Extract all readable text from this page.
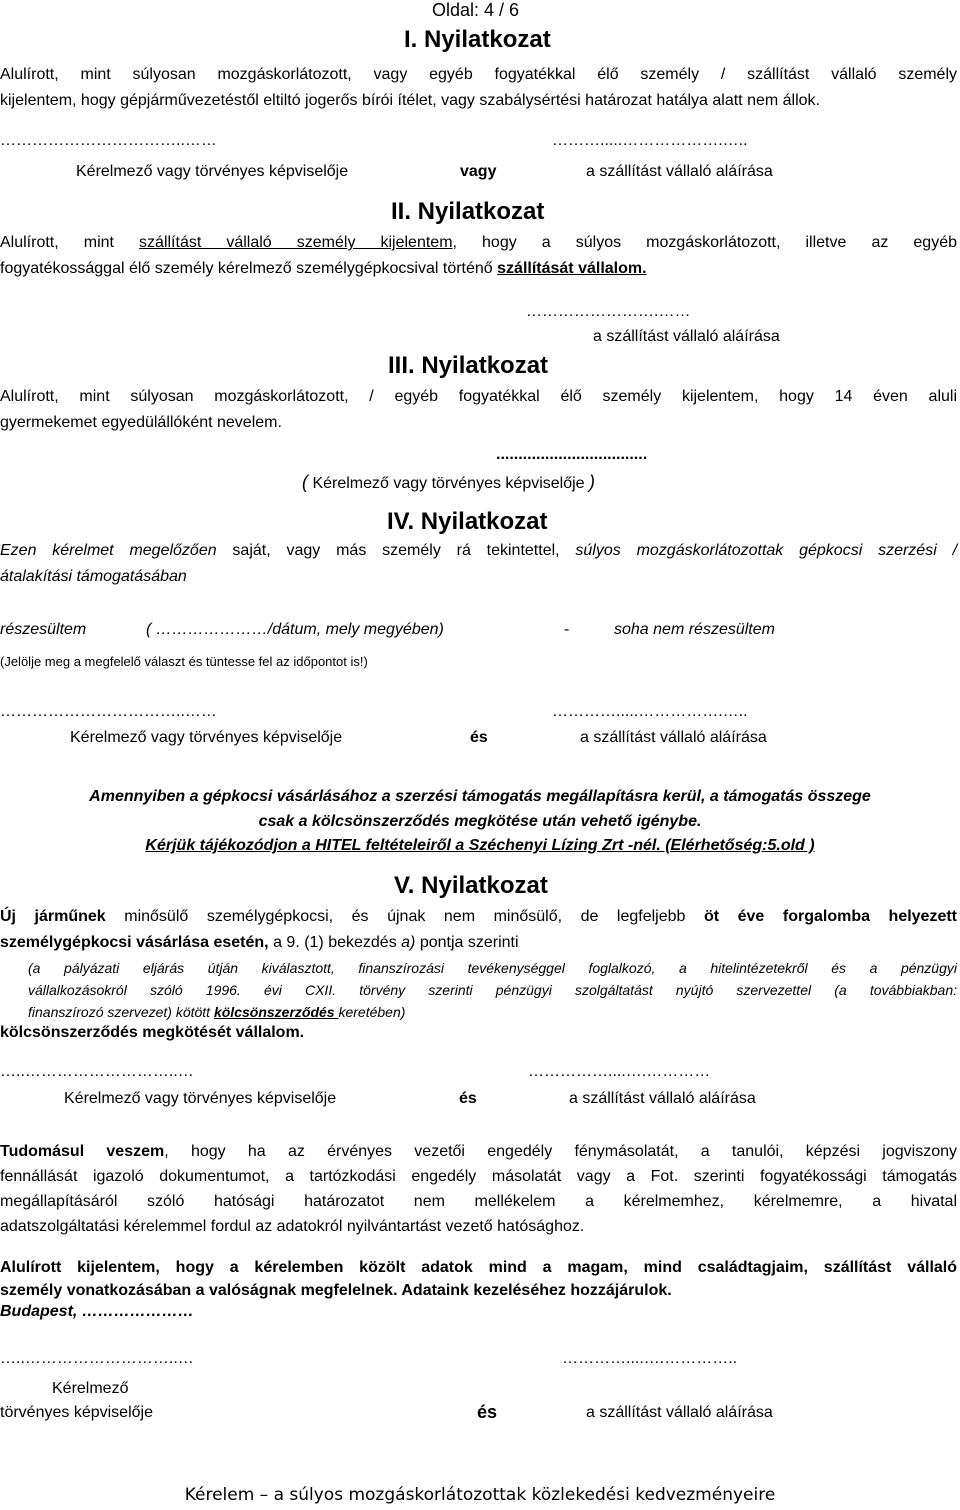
Oldal: 4 / 6
I. Nyilatkozat
Alulírott, mint súlyosan mozgáskorlátozott, vagy egyéb fogyatékkal élő személy / szállítást vállaló személy
kijelentem, hogy gépjárművezetéstől eltiltó jogerős bírói ítélet, vagy szabálysértési határozat hatálya alatt nem állok.
……………………………..……	……….....……………….…..
Kérelmező vagy törvényes képviselője	vagy	a szállítást vállaló aláírása
II. Nyilatkozat
Alulírott, mint szállítást vállaló személy kijelentem, hogy a súlyos mozgáskorlátozott, illetve az egyéb
fogyatékossággal élő személy kérelmező személygépkocsival történő szállítását vállalom.
…………………….……
a szállítást vállaló aláírása
III. Nyilatkozat
Alulírott, mint súlyosan mozgáskorlátozott, / egyéb fogyatékkal élő személy kijelentem, hogy 14 éven aluli
gyermekemet egyedülállóként nevelem.
..................................
( Kérelmező vagy törvényes képviselője )
IV. Nyilatkozat
Ezen kérelmet megelőzően saját, vagy más személy rá tekintettel, súlyos mozgáskorlátozottak gépkocsi szerzési /
átalakítási támogatásában
részesültem	( …………………/dátum, mely megyében)	-	soha nem részesültem
(Jelölje meg a megfelelő választ és tüntesse fel az időpontot is!)
……………………………..……	………….....…………….…..
Kérelmező vagy törvényes képviselője	és	a szállítást vállaló aláírása
Amennyiben a gépkocsi vásárlásához a szerzési támogatás megállapításra kerül, a támogatás összege
csak a kölcsönszerződés megkötése után vehető igénybe.
Kérjük tájékozódjon a HITEL feltételeiről a Széchenyi Lízing Zrt -nél. (Elérhetőség:5.old )
V. Nyilatkozat
Új járműnek minősülő személygépkocsi, és újnak nem minősülő, de legfeljebb öt éve forgalomba helyezett
személygépkocsi vásárlása esetén, a 9. (1) bekezdés a) pontja szerinti
(a pályázati eljárás útján kiválasztott, finanszírozási tevékenységgel foglalkozó, a hitelintézetekről és a pénzügyi
vállalkozásokról szóló 1996. évi CXII. törvény szerinti pénzügyi szolgáltatást nyújtó szervezettel (a továbbiakban:
finanszírozó szervezet) kötött kölcsönszerződés keretében)
kölcsönszerződés megkötését vállalom.
…..………………………..…	……………....….…………
Kérelmező vagy törvényes képviselője	és	a szállítást vállaló aláírása
Tudomásul veszem, hogy ha az érvényes vezetői engedély fénymásolatát, a tanulói, képzési jogviszony
fennállását igazoló dokumentumot, a tartózkodási engedély másolatát vagy a Fot. szerinti fogyatékossági támogatás
megállapításáról szóló hatósági határozatot nem mellékelem a kérelmemhez, kérelmemre, a hivatal
adatszolgáltatási kérelemmel fordul az adatokról nyilvántartást vezető hatósághoz.
Alulírott kijelentem, hogy a kérelemben közölt adatok mind a magam, mind családtagjaim, szállítást vállaló
személy vonatkozásában a valóságnak megfelelnek. Adataink kezeléséhez hozzájárulok.
Budapest, …………………
…..………………………..…	…………....….…………..
Kérelmező
törvényes képviselője	és	a szállítást vállaló aláírása
Kérelem – a súlyos mozgáskorlátozottak közlekedési kedvezményeire
